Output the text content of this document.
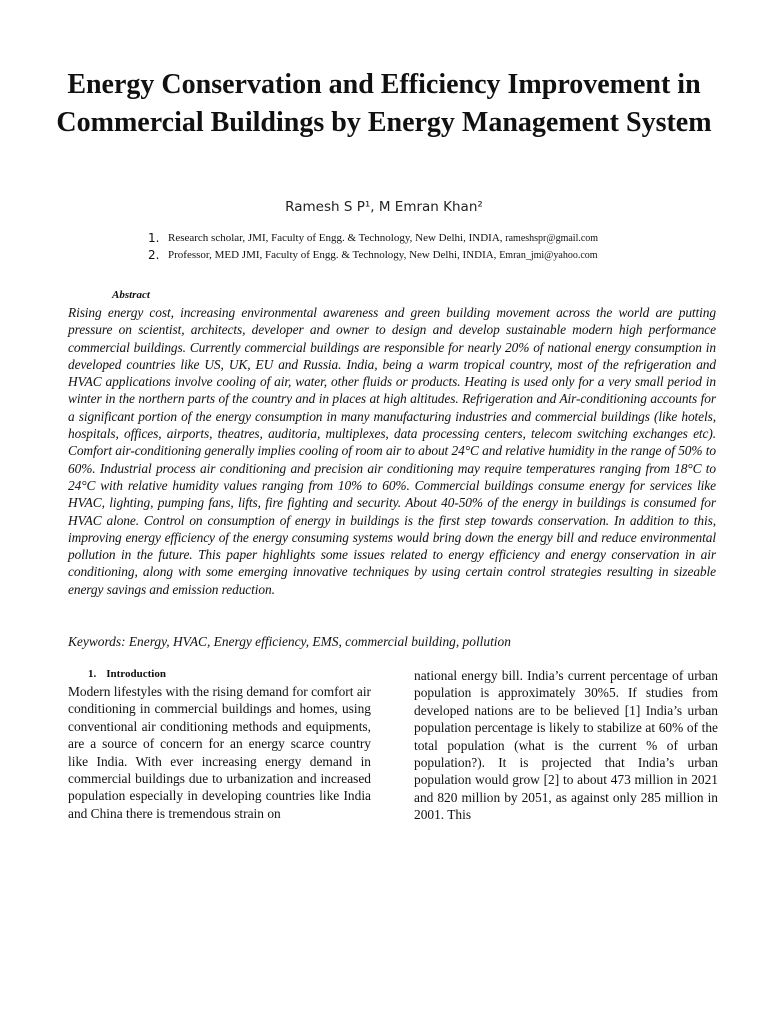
Energy Conservation and Efficiency Improvement in Commercial Buildings by Energy Management System
Ramesh S P¹, M Emran Khan²
1. Research scholar, JMI, Faculty of Engg. & Technology, New Delhi, INDIA, rameshspr@gmail.com
2. Professor, MED JMI, Faculty of Engg. & Technology, New Delhi, INDIA, Emran_jmi@yahoo.com
Abstract

Rising energy cost, increasing environmental awareness and green building movement across the world are putting pressure on scientist, architects, developer and owner to design and develop sustainable modern high performance commercial buildings. Currently commercial buildings are responsible for nearly 20% of national energy consumption in developed countries like US, UK, EU and Russia. India, being a warm tropical country, most of the refrigeration and HVAC applications involve cooling of air, water, other fluids or products. Heating is used only for a very small period in winter in the northern parts of the country and in places at high altitudes. Refrigeration and Air-conditioning accounts for a significant portion of the energy consumption in many manufacturing industries and commercial buildings (like hotels, hospitals, offices, airports, theatres, auditoria, multiplexes, data processing centers, telecom switching exchanges etc). Comfort air-conditioning generally implies cooling of room air to about 24°C and relative humidity in the range of 50% to 60%. Industrial process air conditioning and precision air conditioning may require temperatures ranging from 18°C to 24°C with relative humidity values ranging from 10% to 60%. Commercial buildings consume energy for services like HVAC, lighting, pumping fans, lifts, fire fighting and security. About 40-50% of the energy in buildings is consumed for HVAC alone. Control on consumption of energy in buildings is the first step towards conservation. In addition to this, improving energy efficiency of the energy consuming systems would bring down the energy bill and reduce environmental pollution in the future. This paper highlights some issues related to energy efficiency and energy conservation in air conditioning, along with some emerging innovative techniques by using certain control strategies resulting in sizeable energy savings and emission reduction.

Keywords: Energy, HVAC, Energy efficiency, EMS, commercial building, pollution
1. Introduction

Modern lifestyles with the rising demand for comfort air conditioning in commercial buildings and homes, using conventional air conditioning methods and equipments, are a source of concern for an energy scarce country like India. With ever increasing energy demand in commercial buildings due to urbanization and increased population especially in developing countries like India and China there is tremendous strain on

national energy bill. India’s current percentage of urban population is approximately 30%5. If studies from developed nations are to be believed [1] India’s urban population percentage is likely to stabilize at 60% of the total population (what is the current % of urban population?). It is projected that India’s urban population would grow [2] to about 473 million in 2021 and 820 million by 2051, as against only 285 million in 2001. This
